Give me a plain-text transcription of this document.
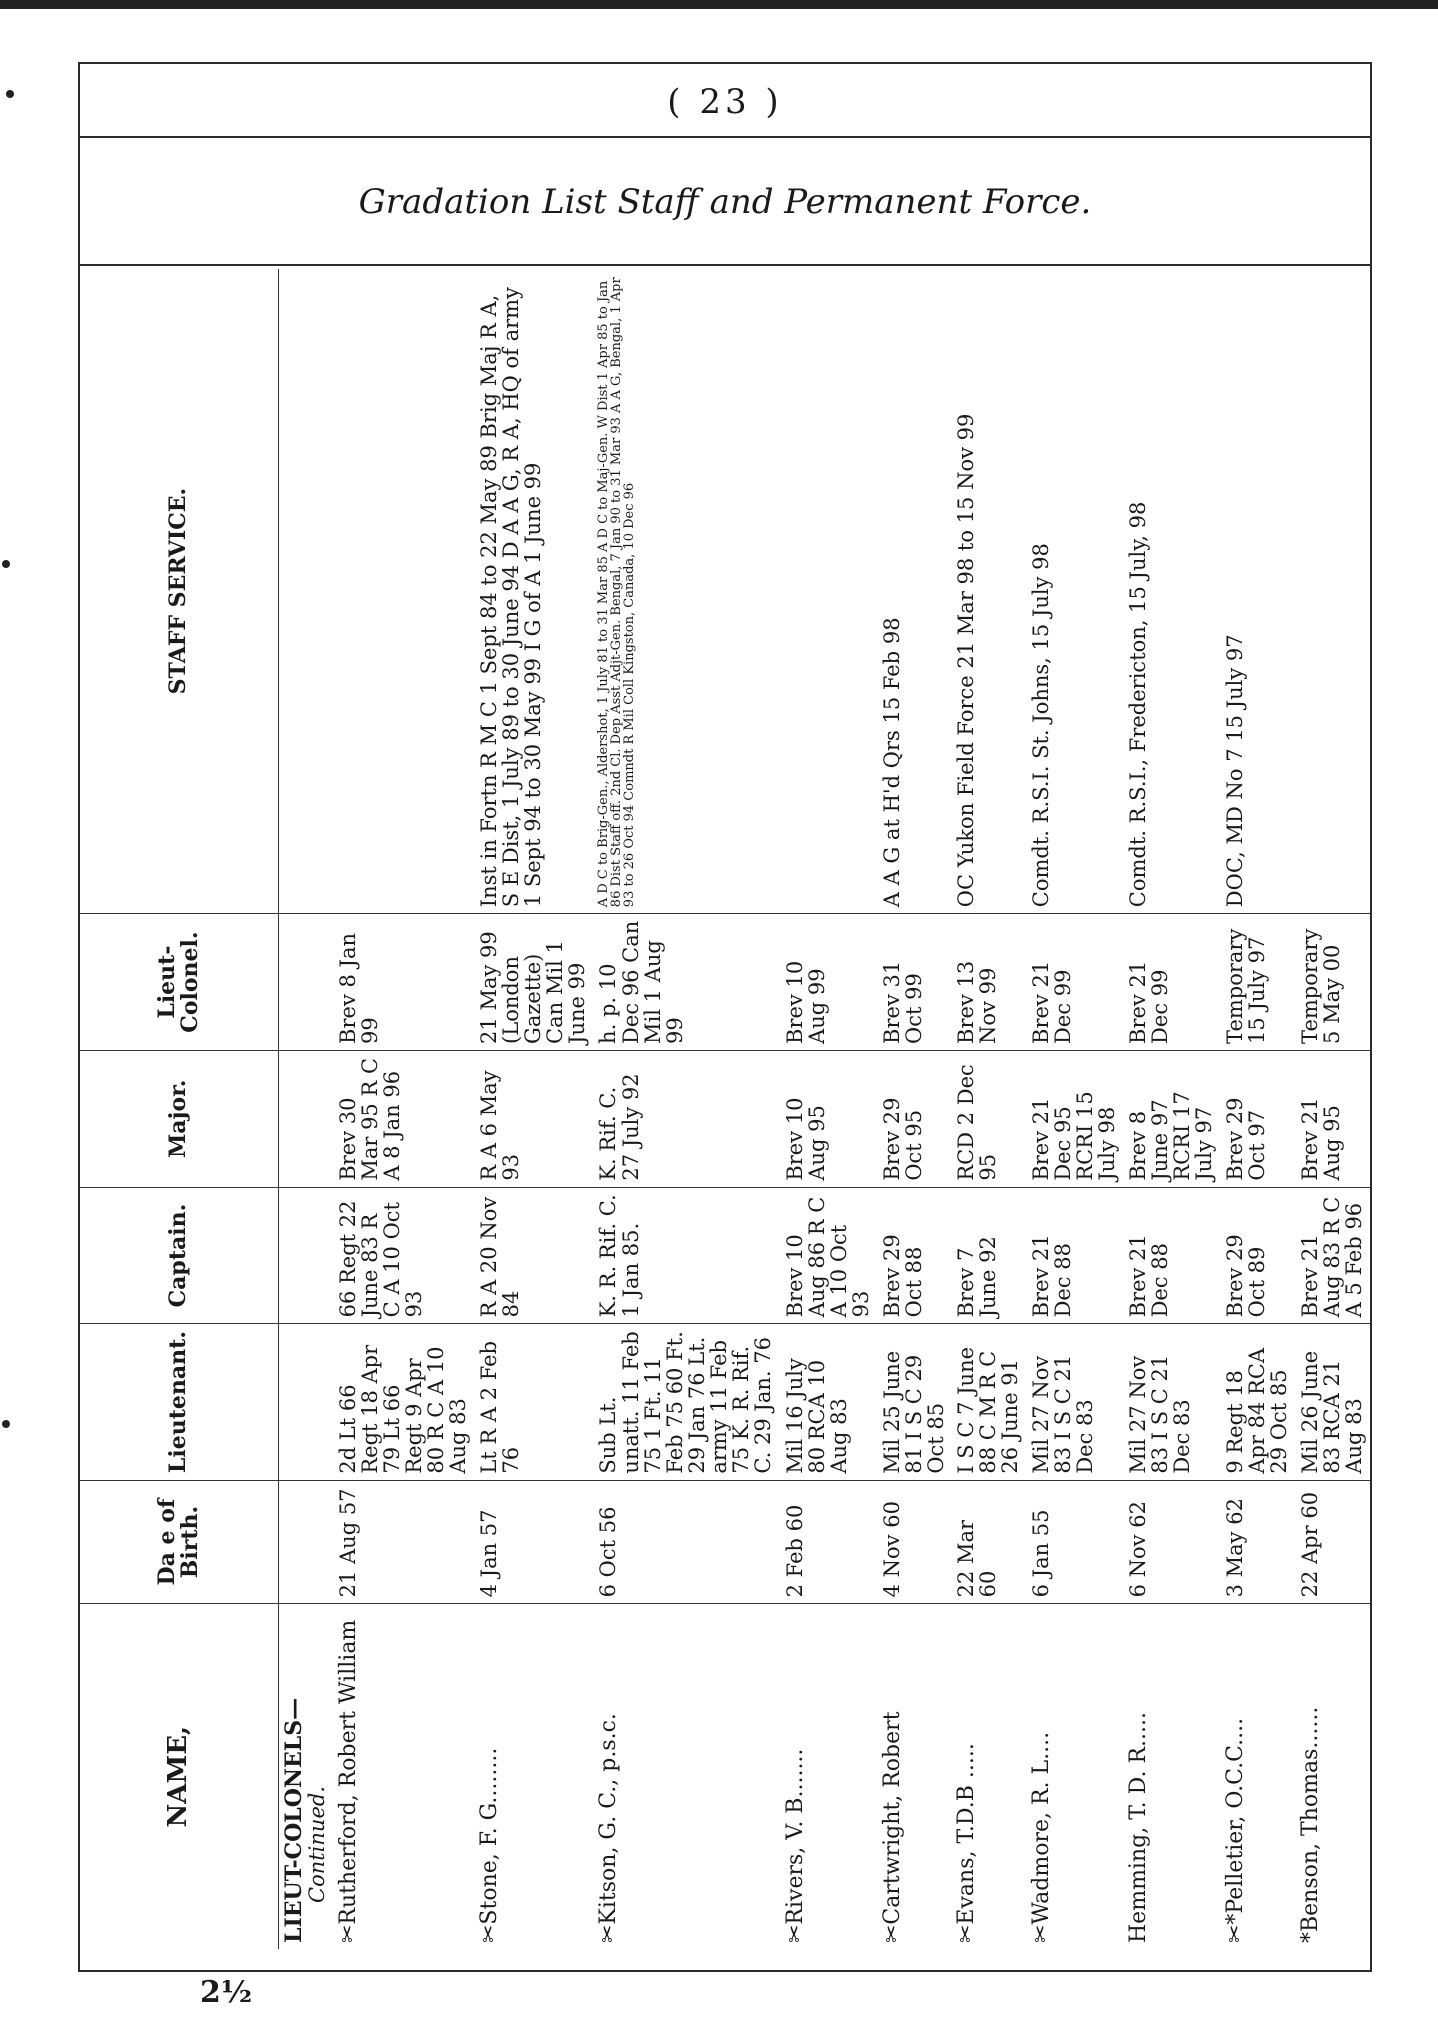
( 23 )
Gradation List Staff and Permanent Force.
NAME,	Da e of Birth.	Lieutenant.	Captain.	Major.	Lieut- Colonel.	STAFF SERVICE.

LIEUT-COLONELS—
Continued.						

✂Rutherford, Robert William	21 Aug 57	2d Lt 66 Regt 18 Apr 79 Lt 66 Regt 9 Apr 80 R C A 10 Aug 83	66 Regt 22 June 83 R C A 10 Oct 93	Brev 30 Mar 95 R C A 8 Jan 96	Brev 8 Jan 99	
✂Stone, F. G........	4 Jan 57	Lt R A 2 Feb 76	R A 20 Nov 84	R A 6 May 93	21 May 99 (London Gazette) Can Mil 1 June 99	Inst in Fortn R M C 1 Sept 84 to 22 May 89 Brig Maj R A, S E Dist, 1 July 89 to 30 June 94 D A A G, R A, HQ of army 1 Sept 94 to 30 May 99 I G of A 1 June 99
✂Kitson, G. C., p.s.c.	6 Oct 56	Sub Lt. unatt. 11 Feb 75 1 Ft. 11 Feb 75 60 Ft. 29 Jan 76 Lt. army 11 Feb 75 K. R. Rif. C. 29 Jan. 76	K. R. Rif. C. 1 Jan 85.	K. Rif. C. 27 July 92	h. p. 10 Dec 96 Can Mil 1 Aug 99	A D C to Brig-Gen., Aldershot, 1 July 81 to 31 Mar 85 A D C to Maj-Gen. W Dist 1 Apr 85 to Jan 86 Dist Staff off. 2nd Cl. Dep Asst Adjt-Gen. Bengal, 7 Jan 90 to 31 Mar 93 A A G, Bengal, 1 Apr 93 to 26 Oct 94 Comndt R Mil Coll Kingston, Canada, 10 Dec 96
✂Rivers, V. B.......	2 Feb 60	Mil 16 July 80 RCA 10 Aug 83	Brev 10 Aug 86 R C A 10 Oct 93	Brev 10 Aug 95	Brev 10 Aug 99	
✂Cartwright, Robert	4 Nov 60	Mil 25 June 81 I S C 29 Oct 85	Brev 29 Oct 88	Brev 29 Oct 95	Brev 31 Oct 99	A A G at H'd Qrs 15 Feb 98
✂Evans, T.D.B .....	22 Mar 60	I S C 7 June 88 C M R C 26 June 91	Brev 7 June 92	RCD 2 Dec 95	Brev 13 Nov 99	OC Yukon Field Force 21 Mar 98 to 15 Nov 99
✂Wadmore, R. L....	6 Jan 55	Mil 27 Nov 83 I S C 21 Dec 83	Brev 21 Dec 88	Brev 21 Dec 95 RCRI 15 July 98	Brev 21 Dec 99	Comdt. R.S.I. St. Johns, 15 July 98
Hemming, T. D. R.....	6 Nov 62	Mil 27 Nov 83 I S C 21 Dec 83	Brev 21 Dec 88	Brev 8 June 97 RCRI 17 July 97	Brev 21 Dec 99	Comdt. R.S.I., Fredericton, 15 July, 98
✂*Pelletier, O.C.C....	3 May 62	9 Regt 18 Apr 84 RCA 29 Oct 85	Brev 29 Oct 89	Brev 29 Oct 97	Temporary 15 July 97	DOC, MD No 7 15 July 97
*Benson, Thomas......	22 Apr 60	Mil 26 June 83 RCA 21 Aug 83	Brev 21 Aug 83 R C A 5 Feb 96	Brev 21 Aug 95	Temporary 5 May 00	
2½
